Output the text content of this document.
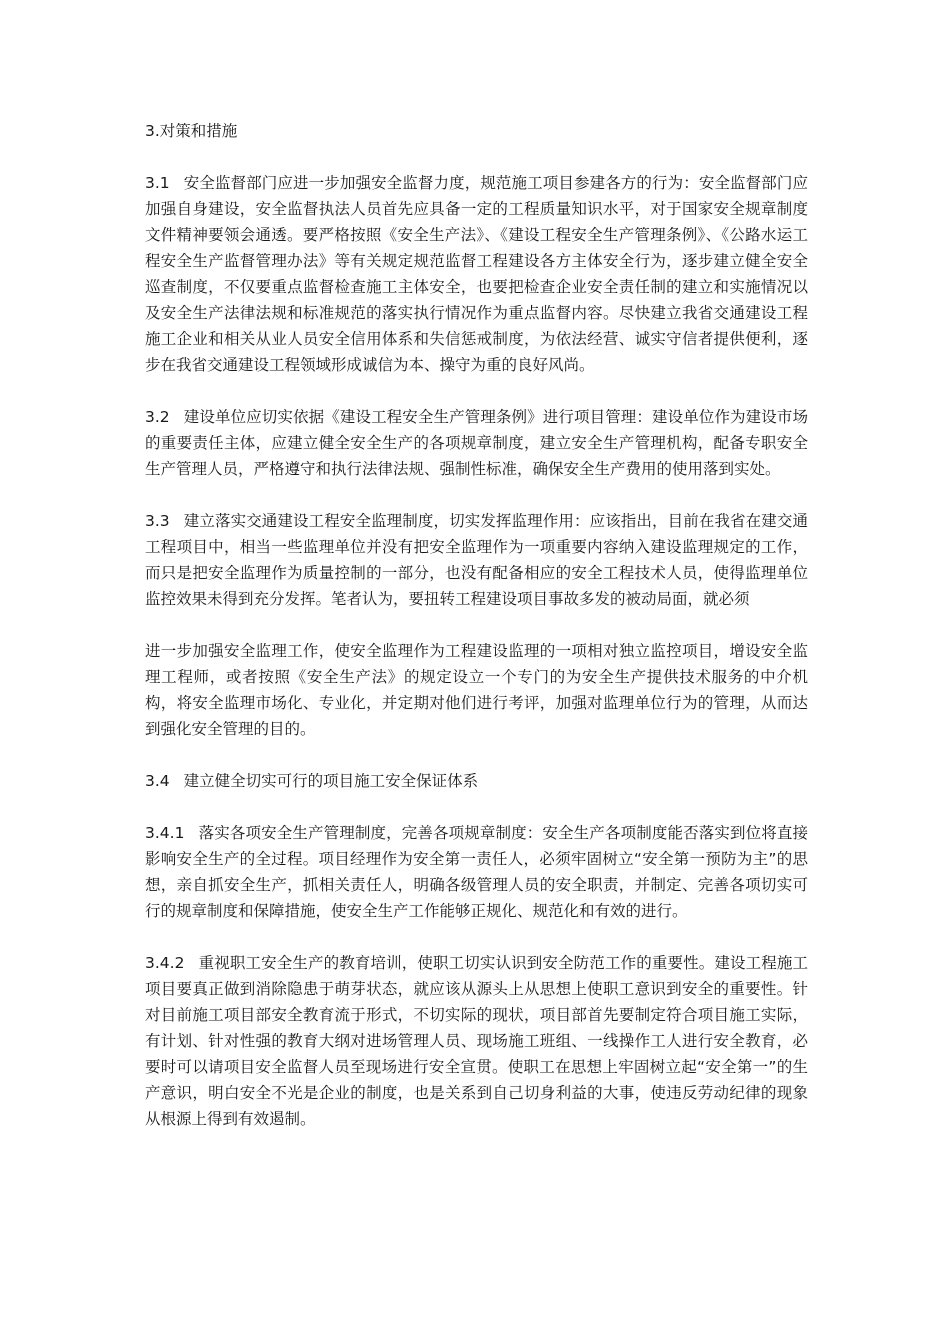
3.对策和措施

3.1 安全监督部门应进一步加强安全监督力度，规范施工项目参建各方的行为：安全监督部门应加强自身建设，安全监督执法人员首先应具备一定的工程质量知识水平，对于国家安全规章制度文件精神要领会通透。要严格按照《安全生产法》、《建设工程安全生产管理条例》、《公路水运工程安全生产监督管理办法》等有关规定规范监督工程建设各方主体安全行为，逐步建立健全安全巡查制度，不仅要重点监督检查施工主体安全，也要把检查企业安全责任制的建立和实施情况以及安全生产法律法规和标准规范的落实执行情况作为重点监督内容。尽快建立我省交通建设工程施工企业和相关从业人员安全信用体系和失信惩戒制度，为依法经营、诚实守信者提供便利，逐步在我省交通建设工程领域形成诚信为本、操守为重的良好风尚。

3.2 建设单位应切实依据《建设工程安全生产管理条例》进行项目管理：建设单位作为建设市场的重要责任主体，应建立健全安全生产的各项规章制度，建立安全生产管理机构，配备专职安全生产管理人员，严格遵守和执行法律法规、强制性标准，确保安全生产费用的使用落到实处。

3.3 建立落实交通建设工程安全监理制度，切实发挥监理作用：应该指出，目前在我省在建交通工程项目中，相当一些监理单位并没有把安全监理作为一项重要内容纳入建设监理规定的工作，而只是把安全监理作为质量控制的一部分，也没有配备相应的安全工程技术人员，使得监理单位监控效果未得到充分发挥。笔者认为，要扭转工程建设项目事故多发的被动局面，就必须

进一步加强安全监理工作，使安全监理作为工程建设监理的一项相对独立监控项目，增设安全监理工程师，或者按照《安全生产法》的规定设立一个专门的为安全生产提供技术服务的中介机构，将安全监理市场化、专业化，并定期对他们进行考评，加强对监理单位行为的管理，从而达到强化安全管理的目的。

3.4 建立健全切实可行的项目施工安全保证体系

3.4.1 落实各项安全生产管理制度，完善各项规章制度：安全生产各项制度能否落实到位将直接影响安全生产的全过程。项目经理作为安全第一责任人，必须牢固树立“安全第一预防为主”的思想，亲自抓安全生产，抓相关责任人，明确各级管理人员的安全职责，并制定、完善各项切实可行的规章制度和保障措施，使安全生产工作能够正规化、规范化和有效的进行。

3.4.2 重视职工安全生产的教育培训，使职工切实认识到安全防范工作的重要性。建设工程施工项目要真正做到消除隐患于萌芽状态，就应该从源头上从思想上使职工意识到安全的重要性。针对目前施工项目部安全教育流于形式，不切实际的现状，项目部首先要制定符合项目施工实际，有计划、针对性强的教育大纲对进场管理人员、现场施工班组、一线操作工人进行安全教育，必要时可以请项目安全监督人员至现场进行安全宣贯。使职工在思想上牢固树立起“安全第一”的生产意识，明白安全不光是企业的制度，也是关系到自己切身利益的大事，使违反劳动纪律的现象从根源上得到有效遏制。
